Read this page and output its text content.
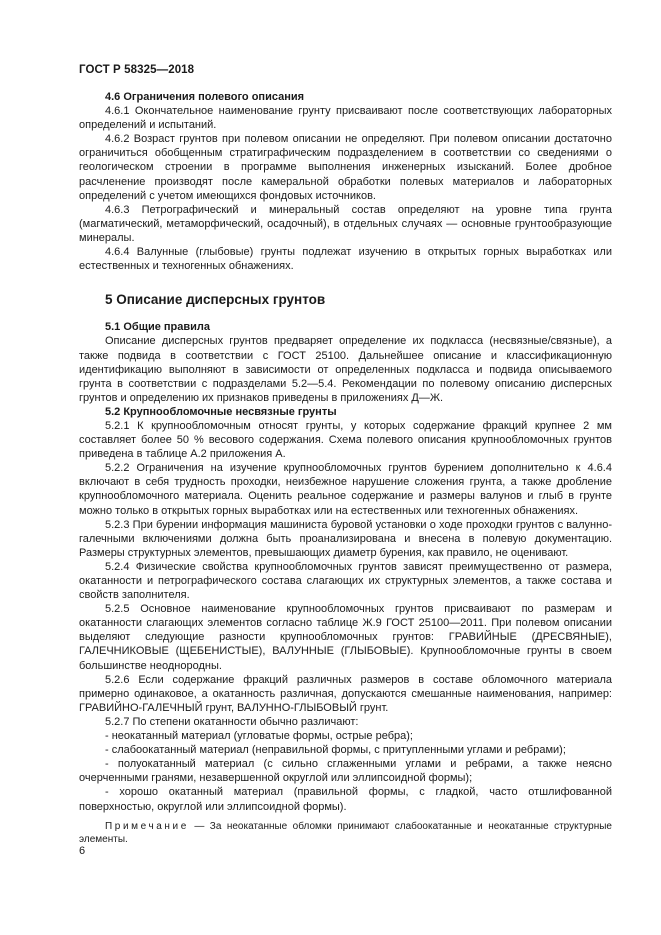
ГОСТ Р 58325—2018

4.6 Ограничения полевого описания

4.6.1 Окончательное наименование грунту присваивают после соответствующих лабораторных определений и испытаний.

4.6.2 Возраст грунтов при полевом описании не определяют. При полевом описании достаточно ограничиться обобщенным стратиграфическим подразделением в соответствии со сведениями о геологическом строении в программе выполнения инженерных изысканий. Более дробное расчленение производят после камеральной обработки полевых материалов и лабораторных определений с учетом имеющихся фондовых источников.

4.6.3 Петрографический и минеральный состав определяют на уровне типа грунта (магматический, метаморфический, осадочный), в отдельных случаях — основные грунтообразующие минералы.

4.6.4 Валунные (глыбовые) грунты подлежат изучению в открытых горных выработках или естественных и техногенных обнажениях.

5 Описание дисперсных грунтов

5.1 Общие правила

Описание дисперсных грунтов предваряет определение их подкласса (несвязные/связные), а также подвида в соответствии с ГОСТ 25100. Дальнейшее описание и классификационную идентификацию выполняют в зависимости от определенных подкласса и подвида описываемого грунта в соответствии с подразделами 5.2—5.4. Рекомендации по полевому описанию дисперсных грунтов и определению их признаков приведены в приложениях Д—Ж.

5.2 Крупнообломочные несвязные грунты

5.2.1 К крупнообломочным относят грунты, у которых содержание фракций крупнее 2 мм составляет более 50 % весового содержания. Схема полевого описания крупнообломочных грунтов приведена в таблице А.2 приложения А.

5.2.2 Ограничения на изучение крупнообломочных грунтов бурением дополнительно к 4.6.4 включают в себя трудность проходки, неизбежное нарушение сложения грунта, а также дробление крупнообломочного материала. Оценить реальное содержание и размеры валунов и глыб в грунте можно только в открытых горных выработках или на естественных или техногенных обнажениях.

5.2.3 При бурении информация машиниста буровой установки о ходе проходки грунтов с валунно-галечными включениями должна быть проанализирована и внесена в полевую документацию. Размеры структурных элементов, превышающих диаметр бурения, как правило, не оценивают.

5.2.4 Физические свойства крупнообломочных грунтов зависят преимущественно от размера, окатанности и петрографического состава слагающих их структурных элементов, а также состава и свойств заполнителя.

5.2.5 Основное наименование крупнообломочных грунтов присваивают по размерам и окатанности слагающих элементов согласно таблице Ж.9 ГОСТ 25100—2011. При полевом описании выделяют следующие разности крупнообломочных грунтов: ГРАВИЙНЫЕ (ДРЕСВЯНЫЕ), ГАЛЕЧНИКОВЫЕ (ЩЕБЕНИСТЫЕ), ВАЛУННЫЕ (ГЛЫБОВЫЕ). Крупнообломочные грунты в своем большинстве неоднородны.

5.2.6 Если содержание фракций различных размеров в составе обломочного материала примерно одинаковое, а окатанность различная, допускаются смешанные наименования, например: ГРАВИЙНО-ГАЛЕЧНЫЙ грунт, ВАЛУННО-ГЛЫБОВЫЙ грунт.

5.2.7 По степени окатанности обычно различают:

- неокатанный материал (угловатые формы, острые ребра);

- слабоокатанный материал (неправильной формы, с притупленными углами и ребрами);

- полуокатанный материал (с сильно сглаженными углами и ребрами, а также неясно очерченными гранями, незавершенной округлой или эллипсоидной формы);

- хорошо окатанный материал (правильной формы, с гладкой, часто отшлифованной поверхностью, округлой или эллипсоидной формы).

Примечание — За неокатанные обломки принимают слабоокатанные и неокатанные структурные элементы.

6
